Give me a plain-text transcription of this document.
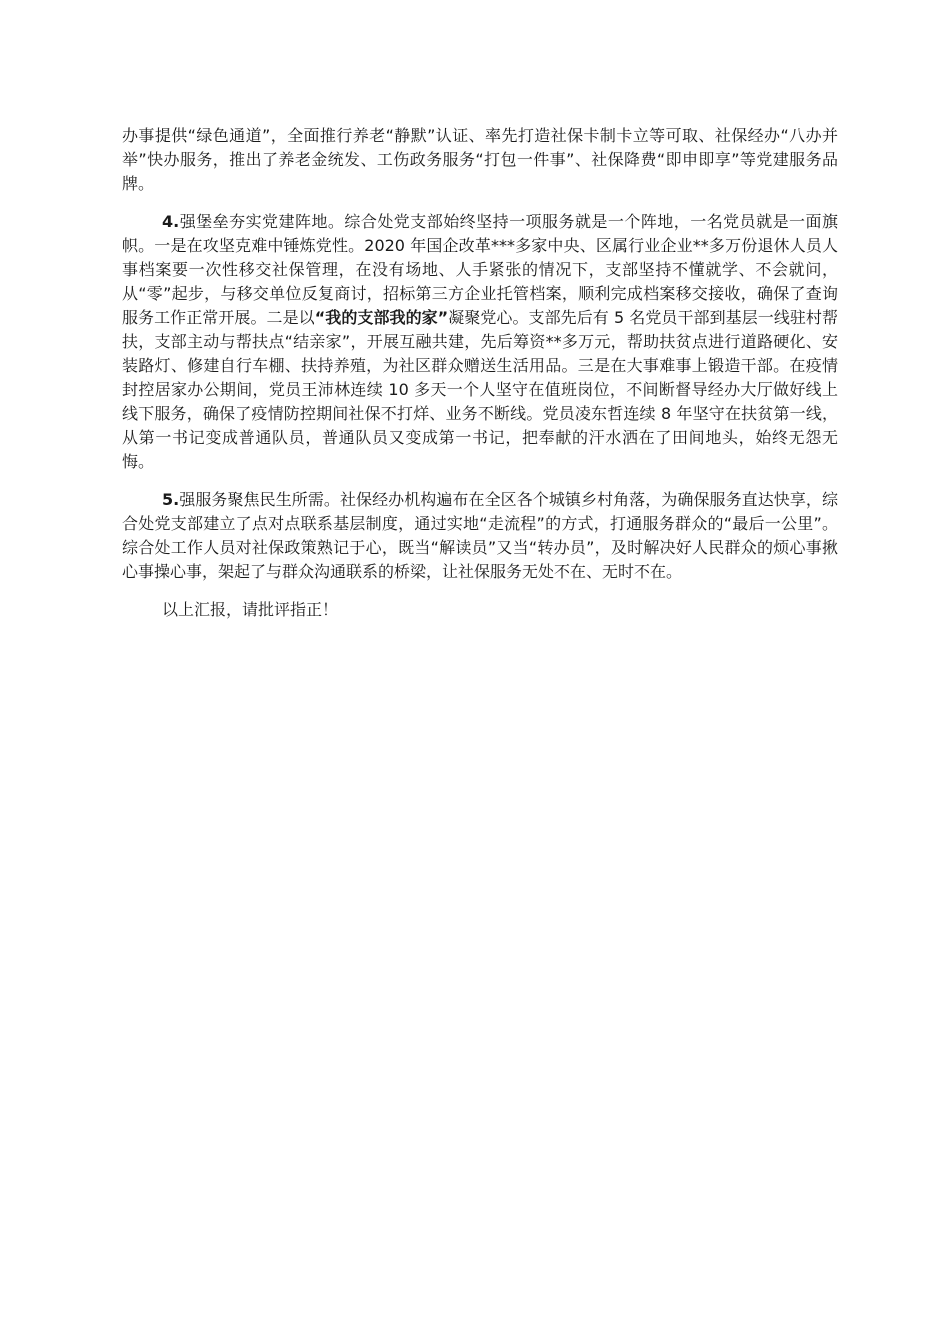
办事提供“绿色通道”，全面推行养老“静默”认证、率先打造社保卡制卡立等可取、社保经办“八办并举”快办服务，推出了养老金统发、工伤政务服务“打包一件事”、社保降费“即申即享”等党建服务品牌。

4.强堡垒夯实党建阵地。综合处党支部始终坚持一项服务就是一个阵地，一名党员就是一面旗帜。一是在攻坚克难中锤炼党性。2020 年国企改革***多家中央、区属行业企业**多万份退休人员人事档案要一次性移交社保管理，在没有场地、人手紧张的情况下，支部坚持不懂就学、不会就问，从“零”起步，与移交单位反复商讨，招标第三方企业托管档案，顺利完成档案移交接收，确保了查询服务工作正常开展。二是以“我的支部我的家”凝聚党心。支部先后有 5 名党员干部到基层一线驻村帮扶，支部主动与帮扶点“结亲家”，开展互融共建，先后筹资**多万元，帮助扶贫点进行道路硬化、安装路灯、修建自行车棚、扶持养殖，为社区群众赠送生活用品。三是在大事难事上锻造干部。在疫情封控居家办公期间，党员王沛林连续 10 多天一个人坚守在值班岗位，不间断督导经办大厅做好线上线下服务，确保了疫情防控期间社保不打烊、业务不断线。党员凌东哲连续 8 年坚守在扶贫第一线，从第一书记变成普通队员，普通队员又变成第一书记，把奉献的汗水洒在了田间地头，始终无怨无悔。

5.强服务聚焦民生所需。社保经办机构遍布在全区各个城镇乡村角落，为确保服务直达快享，综合处党支部建立了点对点联系基层制度，通过实地“走流程”的方式，打通服务群众的“最后一公里”。综合处工作人员对社保政策熟记于心，既当“解读员”又当“转办员”，及时解决好人民群众的烦心事揪心事操心事，架起了与群众沟通联系的桥梁，让社保服务无处不在、无时不在。

以上汇报，请批评指正！
